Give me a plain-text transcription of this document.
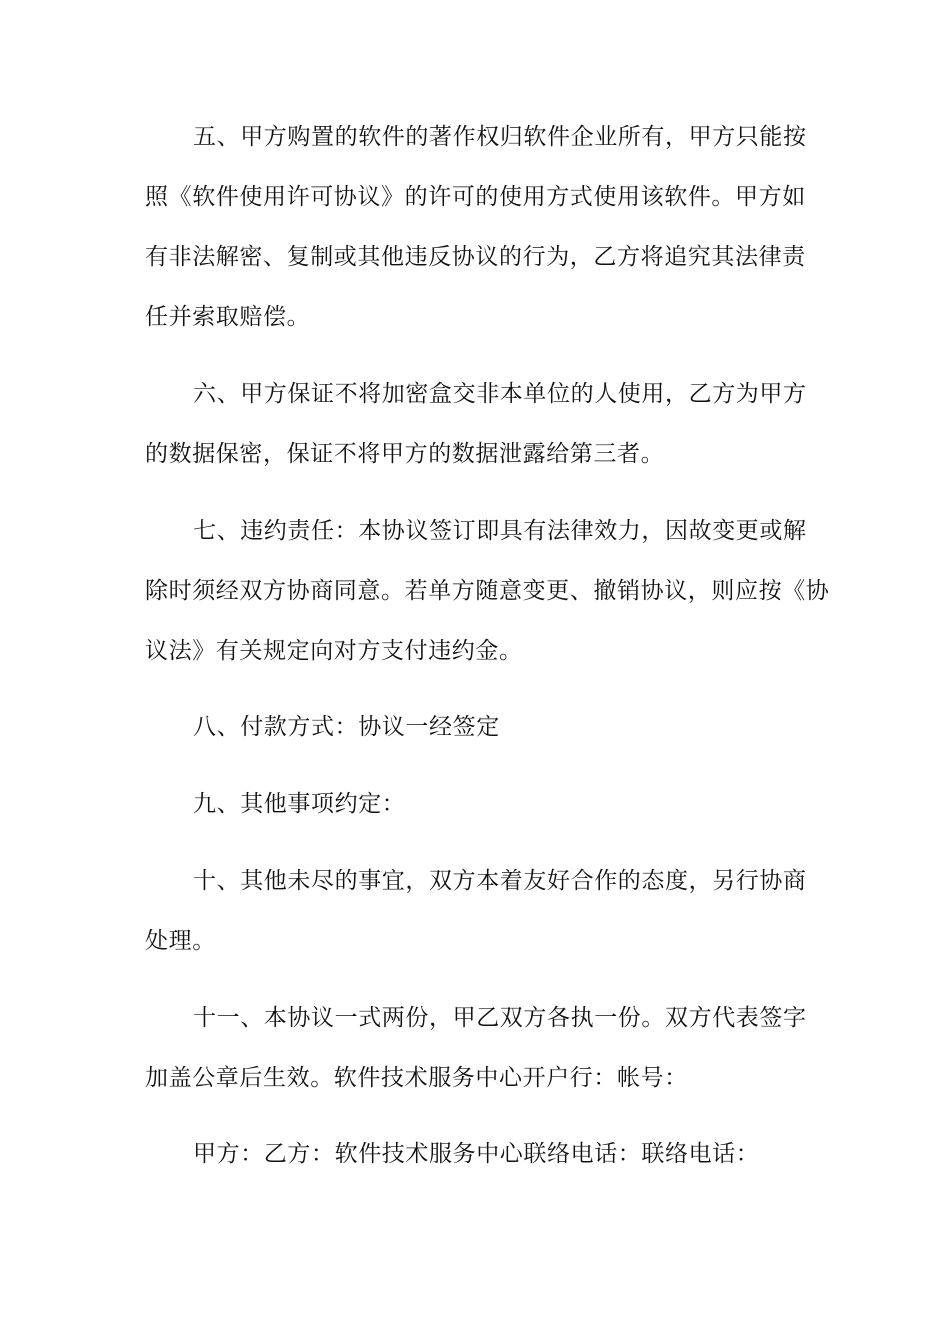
五、甲方购置的软件的著作权归软件企业所有，甲方只能按
照《软件使用许可协议》的许可的使用方式使用该软件。甲方如
有非法解密、复制或其他违反协议的行为，乙方将追究其法律责
任并索取赔偿。
六、甲方保证不将加密盒交非本单位的人使用，乙方为甲方
的数据保密，保证不将甲方的数据泄露给第三者。
七、违约责任：本协议签订即具有法律效力，因故变更或解
除时须经双方协商同意。若单方随意变更、撤销协议，则应按《协
议法》有关规定向对方支付违约金。
八、付款方式：协议一经签定
九、其他事项约定：
十、其他未尽的事宜，双方本着友好合作的态度，另行协商
处理。
十一、本协议一式两份，甲乙双方各执一份。双方代表签字
加盖公章后生效。软件技术服务中心开户行：帐号：
甲方：乙方：软件技术服务中心联络电话：联络电话：
